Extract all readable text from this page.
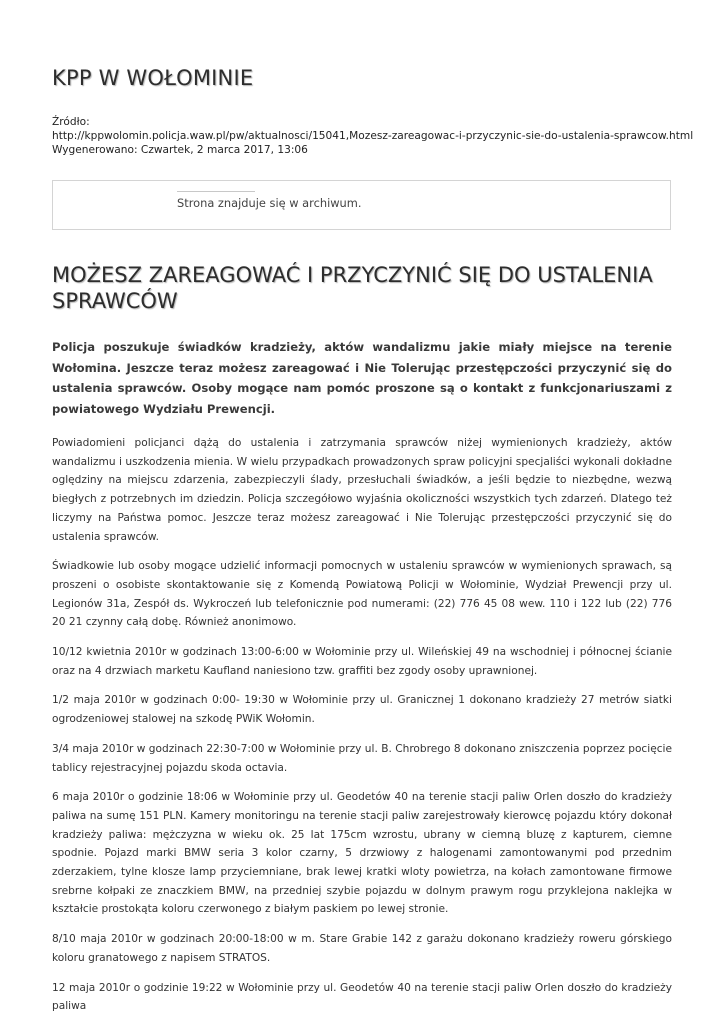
KPP W WOŁOMINIE
Źródło:
http://kppwolomin.policja.waw.pl/pw/aktualnosci/15041,Mozesz-zareagowac-i-przyczynic-sie-do-ustalenia-sprawcow.html
Wygenerowano: Czwartek, 2 marca 2017, 13:06
Strona znajduje się w archiwum.
MOŻESZ ZAREAGOWAĆ I PRZYCZYNIĆ SIĘ DO USTALENIA SPRAWCÓW

Policja poszukuje świadków kradzieży, aktów wandalizmu jakie miały miejsce na terenie Wołomina. Jeszcze teraz możesz zareagować i Nie Tolerując przestępczości przyczynić się do ustalenia sprawców. Osoby mogące nam pomóc proszone są o kontakt z funkcjonariuszami z powiatowego Wydziału Prewencji.

Powiadomieni policjanci dążą do ustalenia i zatrzymania sprawców niżej wymienionych kradzieży, aktów wandalizmu i uszkodzenia mienia. W wielu przypadkach prowadzonych spraw policyjni specjaliści wykonali dokładne oględziny na miejscu zdarzenia, zabezpieczyli ślady, przesłuchali świadków, a jeśli będzie to niezbędne, wezwą biegłych z potrzebnych im dziedzin. Policja szczegółowo wyjaśnia okoliczności wszystkich tych zdarzeń. Dlatego też liczymy na Państwa pomoc. Jeszcze teraz możesz zareagować i Nie Tolerując przestępczości przyczynić się do ustalenia sprawców.

Świadkowie lub osoby mogące udzielić informacji pomocnych w ustaleniu sprawców w wymienionych sprawach, są proszeni o osobiste skontaktowanie się z Komendą Powiatową Policji w Wołominie, Wydział Prewencji przy ul. Legionów 31a, Zespół ds. Wykroczeń lub telefonicznie pod numerami: (22) 776 45 08 wew. 110 i 122 lub (22) 776 20 21 czynny całą dobę. Również anonimowo.

10/12 kwietnia 2010r w godzinach 13:00-6:00 w Wołominie przy ul. Wileńskiej 49 na wschodniej i północnej ścianie oraz na 4 drzwiach marketu Kaufland naniesiono tzw. graffiti bez zgody osoby uprawnionej.

1/2 maja 2010r w godzinach 0:00- 19:30 w Wołominie przy ul. Granicznej 1 dokonano kradzieży 27 metrów siatki ogrodzeniowej stalowej na szkodę PWiK Wołomin.

3/4 maja 2010r w godzinach 22:30-7:00 w Wołominie przy ul. B. Chrobrego 8 dokonano zniszczenia poprzez pocięcie tablicy rejestracyjnej pojazdu skoda octavia.

6 maja 2010r o godzinie 18:06 w Wołominie przy ul. Geodetów 40 na terenie stacji paliw Orlen doszło do kradzieży paliwa na sumę 151 PLN. Kamery monitoringu na terenie stacji paliw zarejestrowały kierowcę pojazdu który dokonał kradzieży paliwa: mężczyzna w wieku ok. 25 lat 175cm wzrostu, ubrany w ciemną bluzę z kapturem, ciemne spodnie. Pojazd marki BMW seria 3 kolor czarny, 5 drzwiowy z halogenami zamontowanymi pod przednim zderzakiem, tylne klosze lamp przyciemniane, brak lewej kratki wloty powietrza, na kołach zamontowane firmowe srebrne kołpaki ze znaczkiem BMW, na przedniej szybie pojazdu w dolnym prawym rogu przyklejona naklejka w kształcie prostokąta koloru czerwonego z białym paskiem po lewej stronie.

8/10 maja 2010r w godzinach 20:00-18:00 w m. Stare Grabie 142 z garażu dokonano kradzieży roweru górskiego koloru granatowego z napisem STRATOS.

12 maja 2010r o godzinie 19:22 w Wołominie przy ul. Geodetów 40 na terenie stacji paliw Orlen doszło do kradzieży paliwa
